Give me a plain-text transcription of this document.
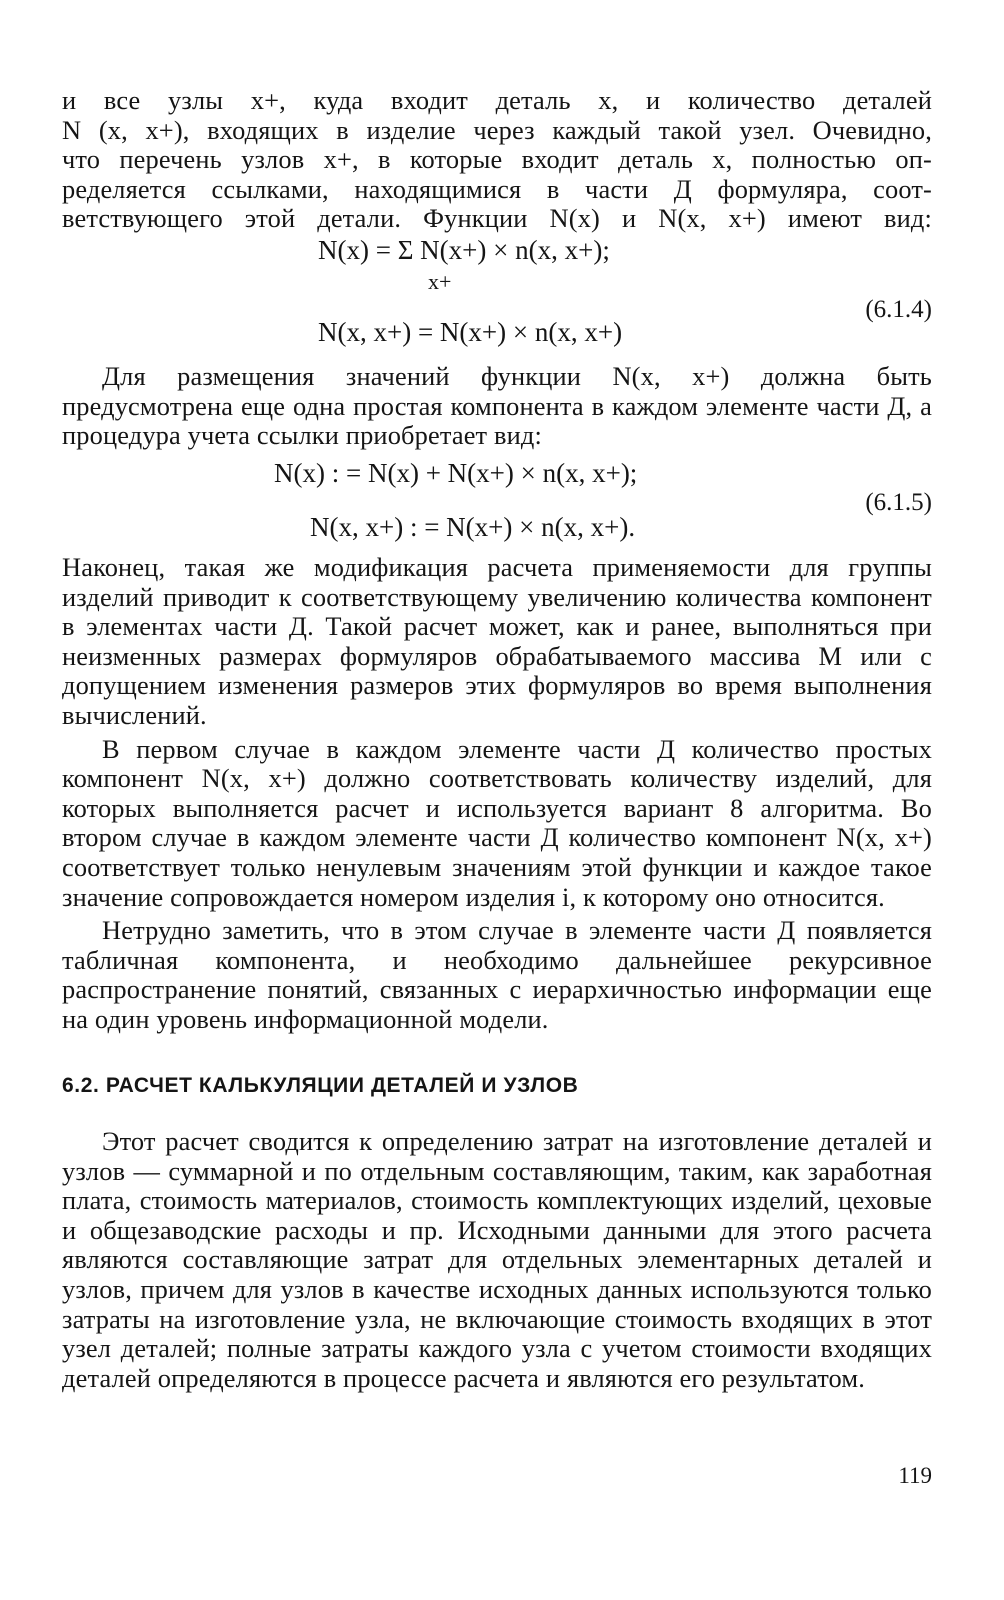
и все узлы x+, куда входит деталь x, и количество деталей

N (x, x+), входящих в изделие через каждый такой узел. Очевидно,

что перечень узлов x+, в которые входит деталь x, полностью оп-

ределяется ссылками, находящимися в части Д формуляра, соот-

ветствующего этой детали. Функции N(x) и N(x, x+) имеют вид:

N(x) = Σ N(x+) × n(x, x+);
x+
N(x, x+) = N(x+) × n(x, x+)
(6.1.4)

Для размещения значений функции N(x, x+) должна быть предусмотрена еще одна простая компонента в каждом элементе части Д, а процедура учета ссылки приобретает вид:

N(x) : = N(x) + N(x+) × n(x, x+);
N(x, x+) : = N(x+) × n(x, x+).
(6.1.5)

Наконец, такая же модификация расчета применяемости для группы изделий приводит к соответствующему увеличению количества компонент в элементах части Д. Такой расчет может, как и ранее, выполняться при неизменных размерах формуляров обрабатываемого массива М или с допущением изменения размеров этих формуляров во время выполнения вычислений.

В первом случае в каждом элементе части Д количество простых компонент N(x, x+) должно соответствовать количеству изделий, для которых выполняется расчет и используется вариант 8 алгоритма. Во втором случае в каждом элементе части Д количество компонент N(x, x+) соответствует только ненулевым значениям этой функции и каждое такое значение сопровождается номером изделия i, к которому оно относится.

Нетрудно заметить, что в этом случае в элементе части Д появляется табличная компонента, и необходимо дальнейшее рекурсивное распространение понятий, связанных с иерархичностью информации еще на один уровень информационной модели.

6.2. РАСЧЕТ КАЛЬКУЛЯЦИИ ДЕТАЛЕЙ И УЗЛОВ

Этот расчет сводится к определению затрат на изготовление деталей и узлов — суммарной и по отдельным составляющим, таким, как заработная плата, стоимость материалов, стоимость комплектующих изделий, цеховые и общезаводские расходы и пр. Исходными данными для этого расчета являются составляющие затрат для отдельных элементарных деталей и узлов, причем для узлов в качестве исходных данных используются только затраты на изготовление узла, не включающие стоимость входящих в этот узел деталей; полные затраты каждого узла с учетом стоимости входящих деталей определяются в процессе расчета и являются его результатом.

119
